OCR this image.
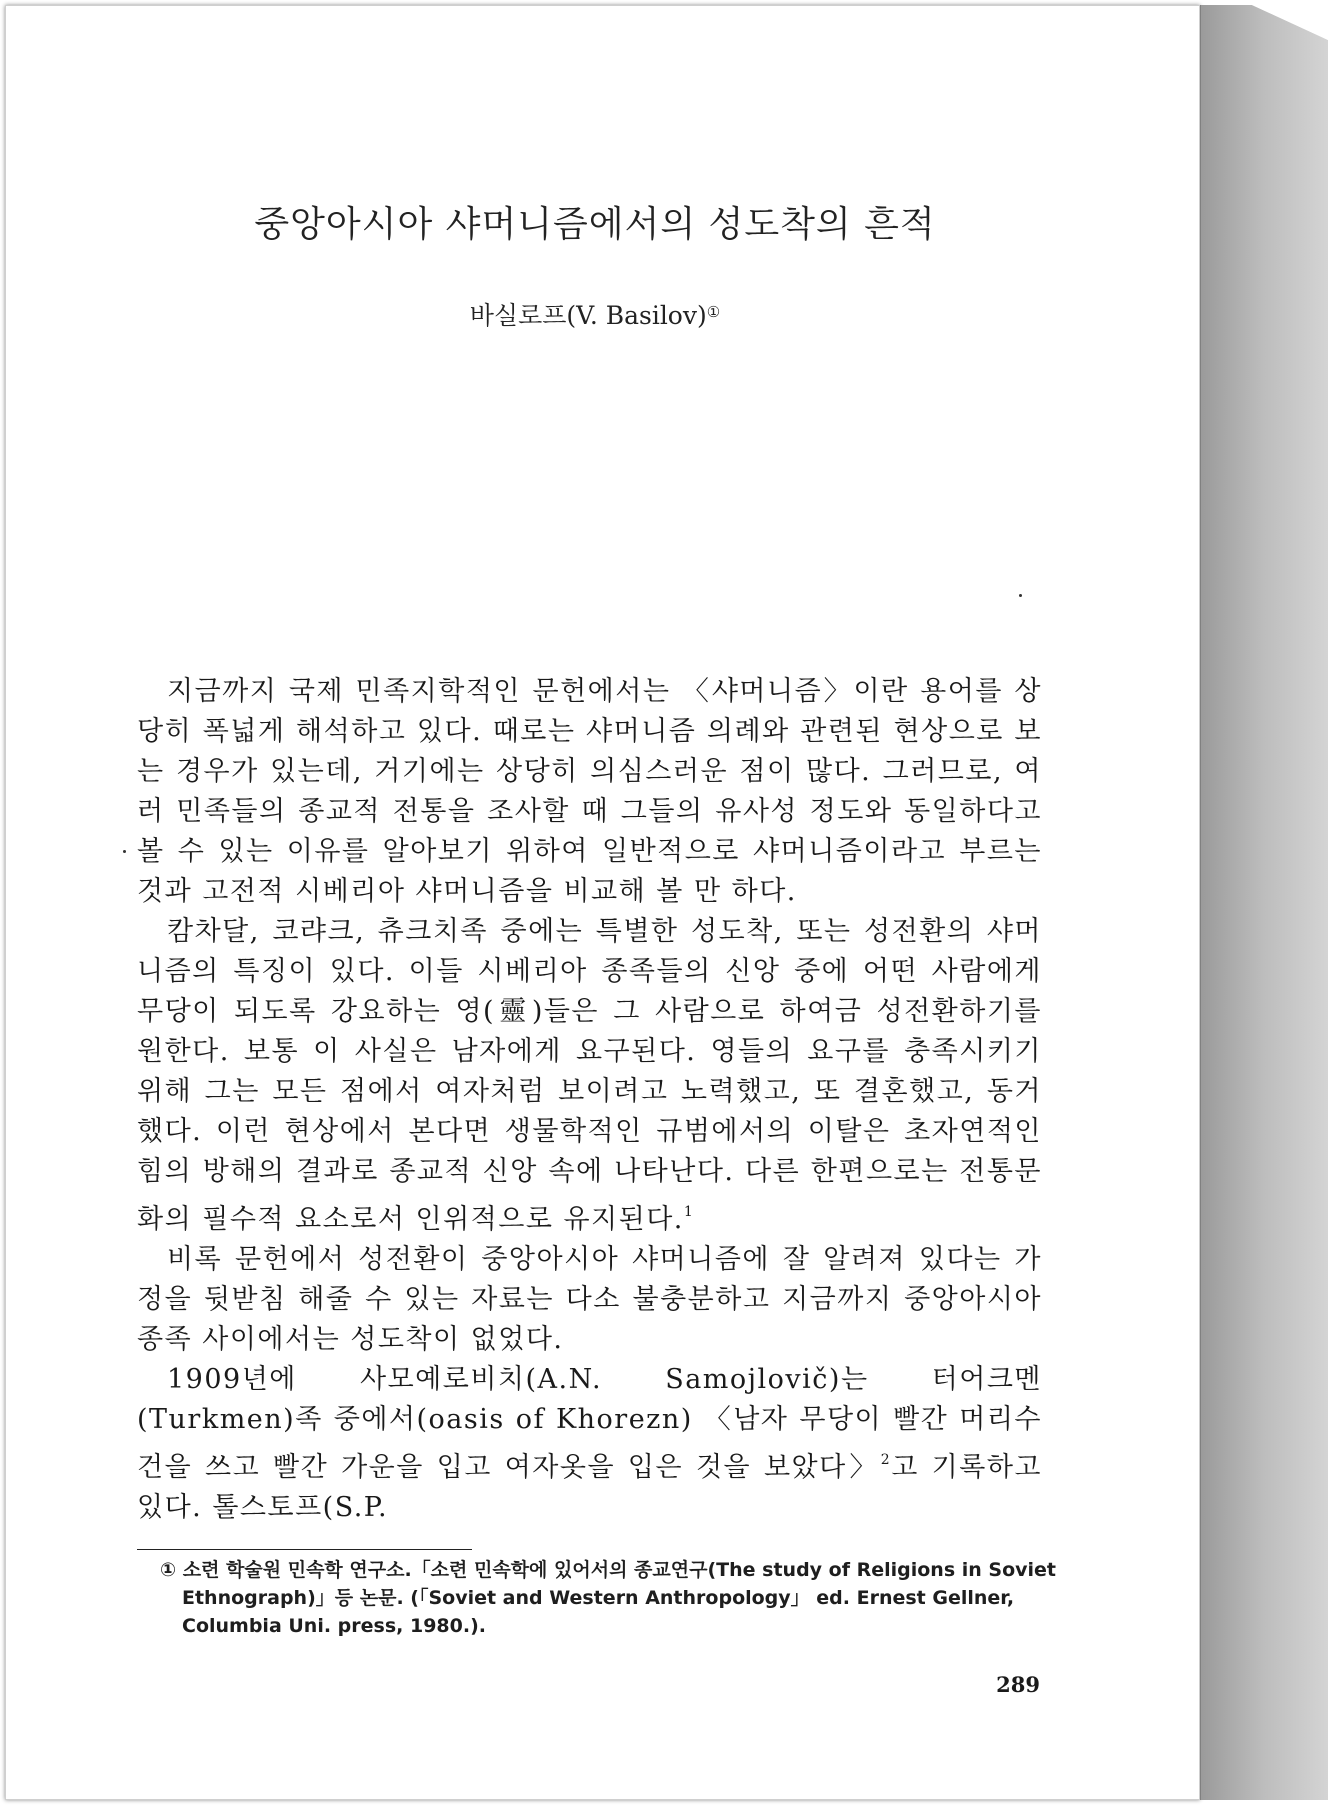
중앙아시아 샤머니즘에서의 성도착의 흔적
바실로프(V. Basilov)①

지금까지 국제 민족지학적인 문헌에서는 〈샤머니즘〉이란 용어를 상당히 폭넓게 해석하고 있다. 때로는 샤머니즘 의례와 관련된 현상으로 보는 경우가 있는데, 거기에는 상당히 의심스러운 점이 많다. 그러므로, 여러 민족들의 종교적 전통을 조사할 때 그들의 유사성 정도와 동일하다고 볼 수 있는 이유를 알아보기 위하여 일반적으로 샤머니즘이라고 부르는 것과 고전적 시베리아 샤머니즘을 비교해 볼 만 하다.

캄차달, 코랴크, 츄크치족 중에는 특별한 성도착, 또는 성전환의 샤머니즘의 특징이 있다. 이들 시베리아 종족들의 신앙 중에 어떤 사람에게 무당이 되도록 강요하는 영(靈)들은 그 사람으로 하여금 성전환하기를 원한다. 보통 이 사실은 남자에게 요구된다. 영들의 요구를 충족시키기 위해 그는 모든 점에서 여자처럼 보이려고 노력했고, 또 결혼했고, 동거했다. 이런 현상에서 본다면 생물학적인 규범에서의 이탈은 초자연적인 힘의 방해의 결과로 종교적 신앙 속에 나타난다. 다른 한편으로는 전통문화의 필수적 요소로서 인위적으로 유지된다.$^1$

비록 문헌에서 성전환이 중앙아시아 샤머니즘에 잘 알려져 있다는 가정을 뒷받침 해줄 수 있는 자료는 다소 불충분하고 지금까지 중앙아시아 종족 사이에서는 성도착이 없었다.

1909년에 사모예로비치(A.N. Samojlovič)는 터어크멘 (Turkmen)족 중에서(oasis of Khorezn) 〈남자 무당이 빨간 머리수건을 쓰고 빨간 가운을 입고 여자옷을 입은 것을 보았다〉$^2$고 기록하고 있다. 톨스토프(S.P.

① 소련 학술원 민속학 연구소.「소련 민속학에 있어서의 종교연구(The study of Religions in Soviet Ethnograph)」등 논문. (「Soviet and Western Anthropology」 ed. Ernest Gellner, Columbia Uni. press, 1980.).
289
